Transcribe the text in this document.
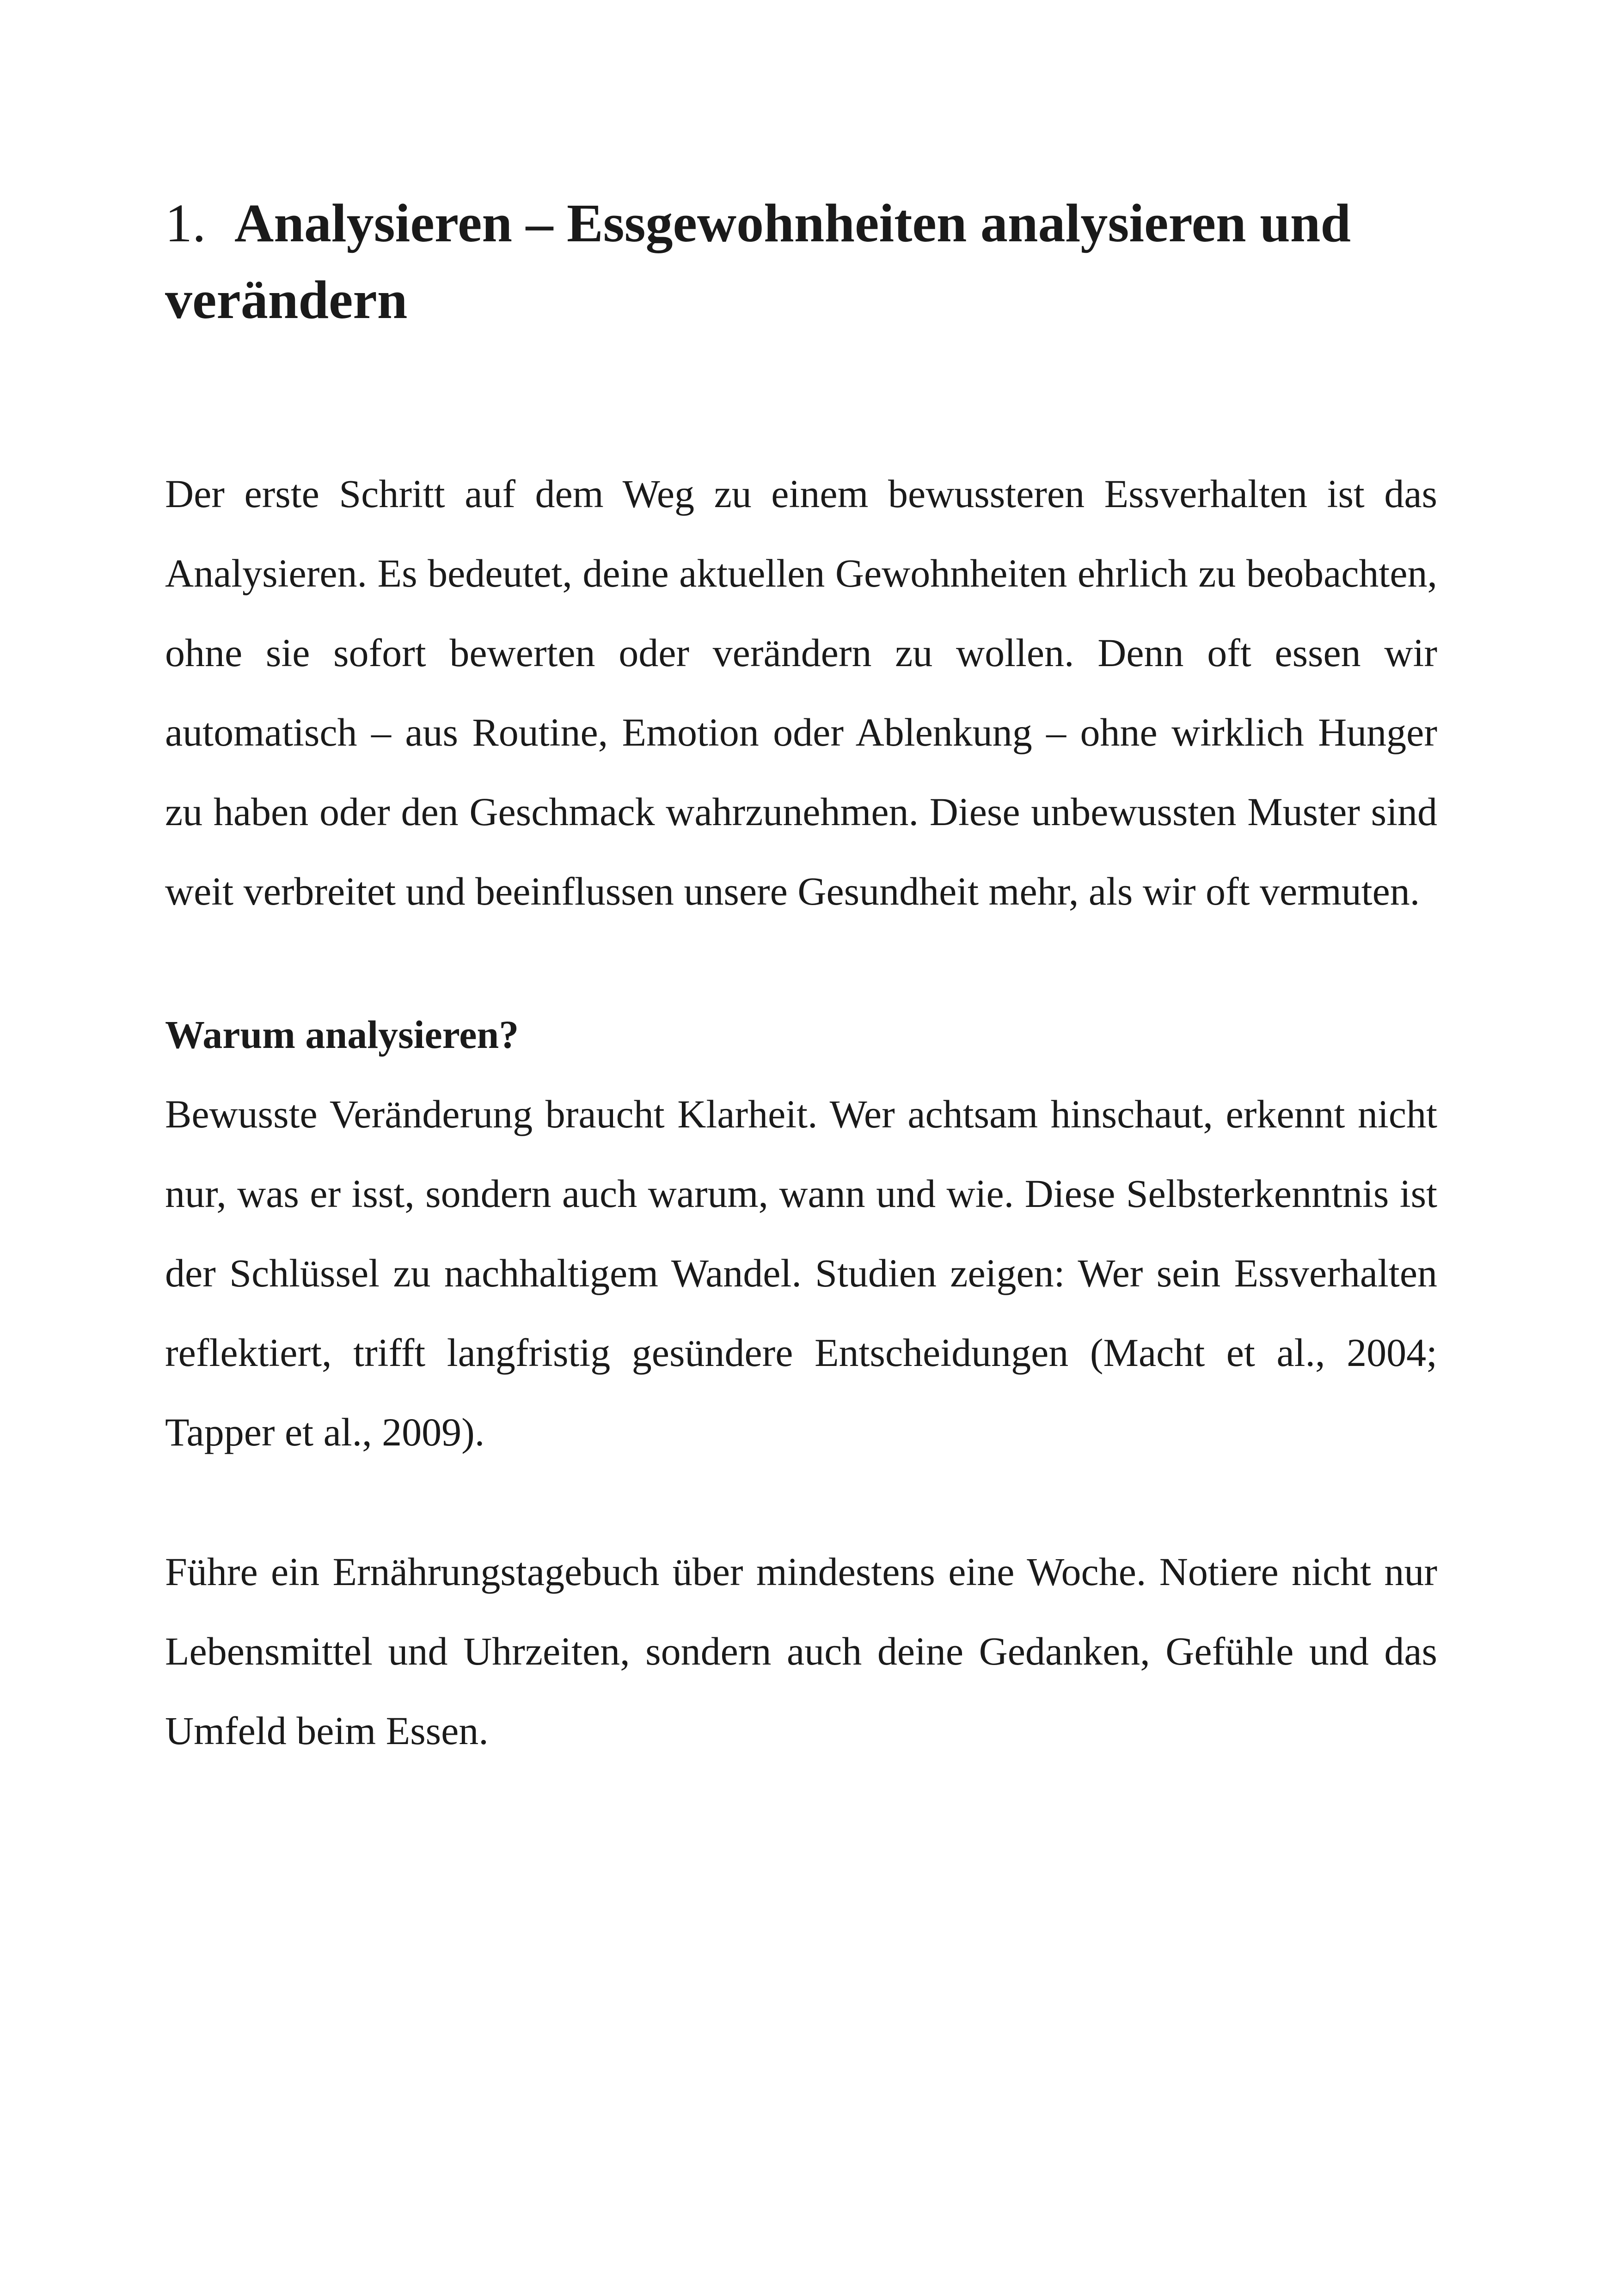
1. Analysieren – Essgewohnheiten analysieren und verändern

Der erste Schritt auf dem Weg zu einem bewussteren Essverhalten ist das Analysieren. Es bedeutet, deine aktuellen Gewohnheiten ehrlich zu beobachten, ohne sie sofort bewerten oder verändern zu wollen. Denn oft essen wir automatisch – aus Routine, Emotion oder Ablenkung – ohne wirklich Hunger zu haben oder den Geschmack wahrzunehmen. Diese unbewussten Muster sind weit verbreitet und beeinflussen unsere Gesundheit mehr, als wir oft vermuten.

Warum analysieren?

Bewusste Veränderung braucht Klarheit. Wer achtsam hinschaut, erkennt nicht nur, was er isst, sondern auch warum, wann und wie. Diese Selbsterkenntnis ist der Schlüssel zu nachhaltigem Wandel. Studien zeigen: Wer sein Essverhalten reflektiert, trifft langfristig gesündere Entscheidungen (Macht et al., 2004; Tapper et al., 2009).

Führe ein Ernährungstagebuch über mindestens eine Woche. Notiere nicht nur Lebensmittel und Uhrzeiten, sondern auch deine Gedanken, Gefühle und das Umfeld beim Essen.
